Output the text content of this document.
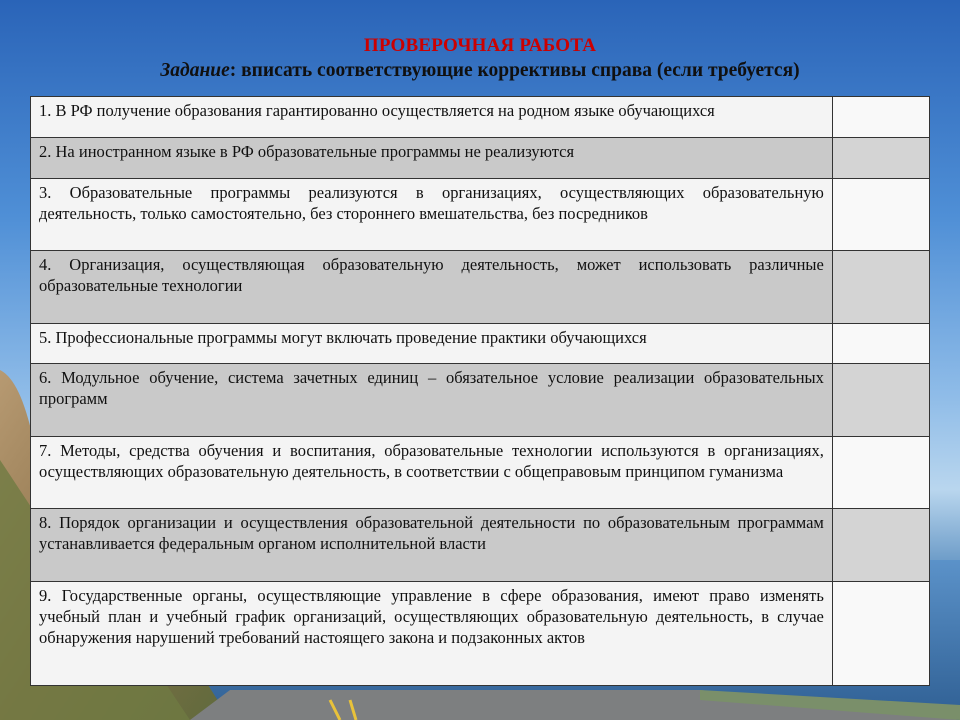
ПРОВЕРОЧНАЯ РАБОТА
Задание: вписать соответствующие коррективы справа (если требуется)
1. В РФ получение образования гарантированно осуществляется на родном языке обучающихся	
2. На иностранном языке в РФ образовательные программы не реализуются	
3. Образовательные программы реализуются в организациях, осуществляющих образовательную деятельность, только самостоятельно, без стороннего вмешательства, без посредников	
4. Организация, осуществляющая образовательную деятельность, может использовать различные образовательные технологии	
5. Профессиональные программы могут включать проведение практики обучающихся	
6. Модульное обучение, система зачетных единиц – обязательное условие реализации образовательных программ	
7. Методы, средства обучения и воспитания, образовательные технологии используются в организациях, осуществляющих образовательную деятельность, в соответствии с общеправовым принципом гуманизма	
8. Порядок организации и осуществления образовательной деятельности по образовательным программам устанавливается федеральным органом исполнительной власти	
9. Государственные органы, осуществляющие управление в сфере образования, имеют право изменять учебный план и учебный график организаций, осуществляющих образовательную деятельность, в случае обнаружения нарушений требований настоящего закона и подзаконных актов	
